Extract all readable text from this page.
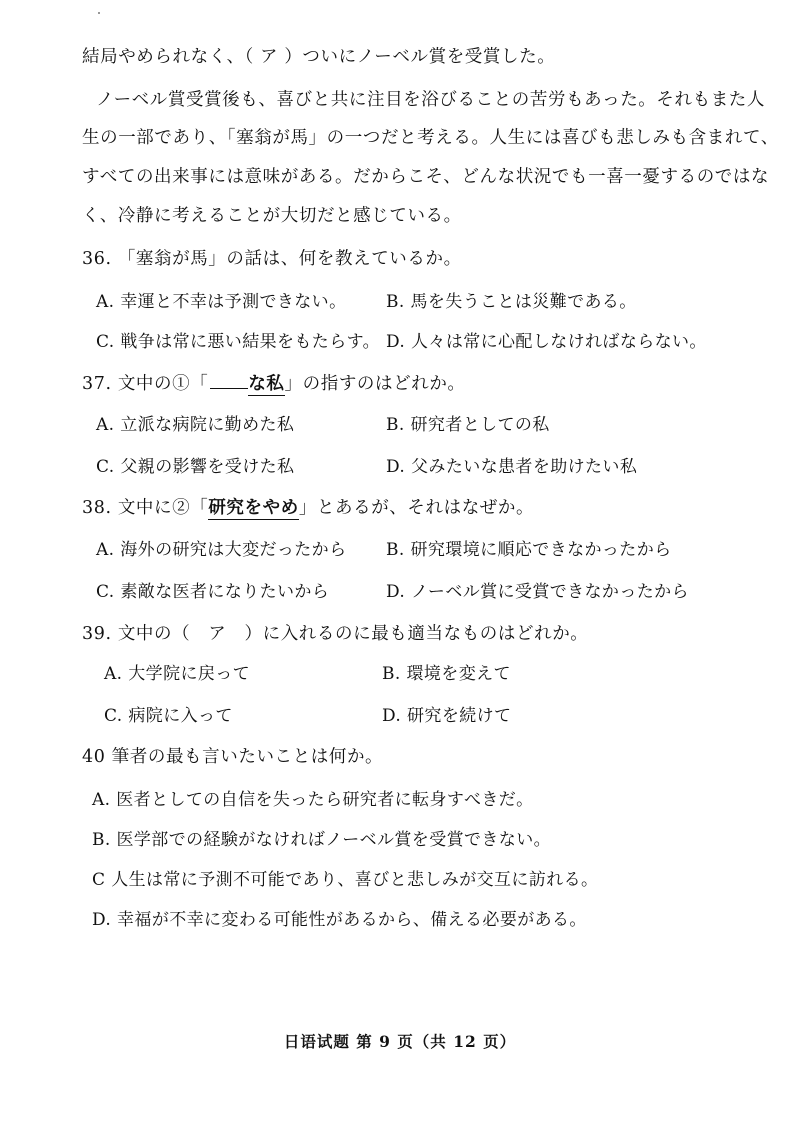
結局やめられなく、（ ア ）ついにノーベル賞を受賞した。
ノーベル賞受賞後も、喜びと共に注目を浴びることの苦労もあった。それもまた人
生の一部であり、「塞翁が馬」の一つだと考える。人生には喜びも悲しみも含まれて、
すべての出来事には意味がある。だからこそ、どんな状況でも一喜一憂するのではな
く、冷静に考えることが大切だと感じている。
36. 「塞翁が馬」の話は、何を教えているか。
A. 幸運と不幸は予測できない。 B. 馬を失うことは災難である。
C. 戦争は常に悪い結果をもたらす。 D. 人々は常に心配しなければならない。
37. 文中の①「 な私」の指すのはどれか。
A. 立派な病院に勤めた私	B. 研究者としての私
C. 父親の影響を受けた私	D. 父みたいな患者を助けたい私
38. 文中に②「研究をやめ」とあるが、それはなぜか。
A. 海外の研究は大変だったから B. 研究環境に順応できなかったから
C. 素敵な医者になりたいから	D. ノーベル賞に受賞できなかったから
39. 文中の（　ア　）に入れるのに最も適当なものはどれか。
A. 大学院に戻って	B. 環境を変えて
C. 病院に入って	D. 研究を続けて
40 筆者の最も言いたいことは何か。
A. 医者としての自信を失ったら研究者に転身すべきだ。
B. 医学部での経験がなければノーベル賞を受賞できない。
C 人生は常に予測不可能であり、喜びと悲しみが交互に訪れる。
D. 幸福が不幸に変わる可能性があるから、備える必要がある。
日语试题 第 9 页（共 12 页）
